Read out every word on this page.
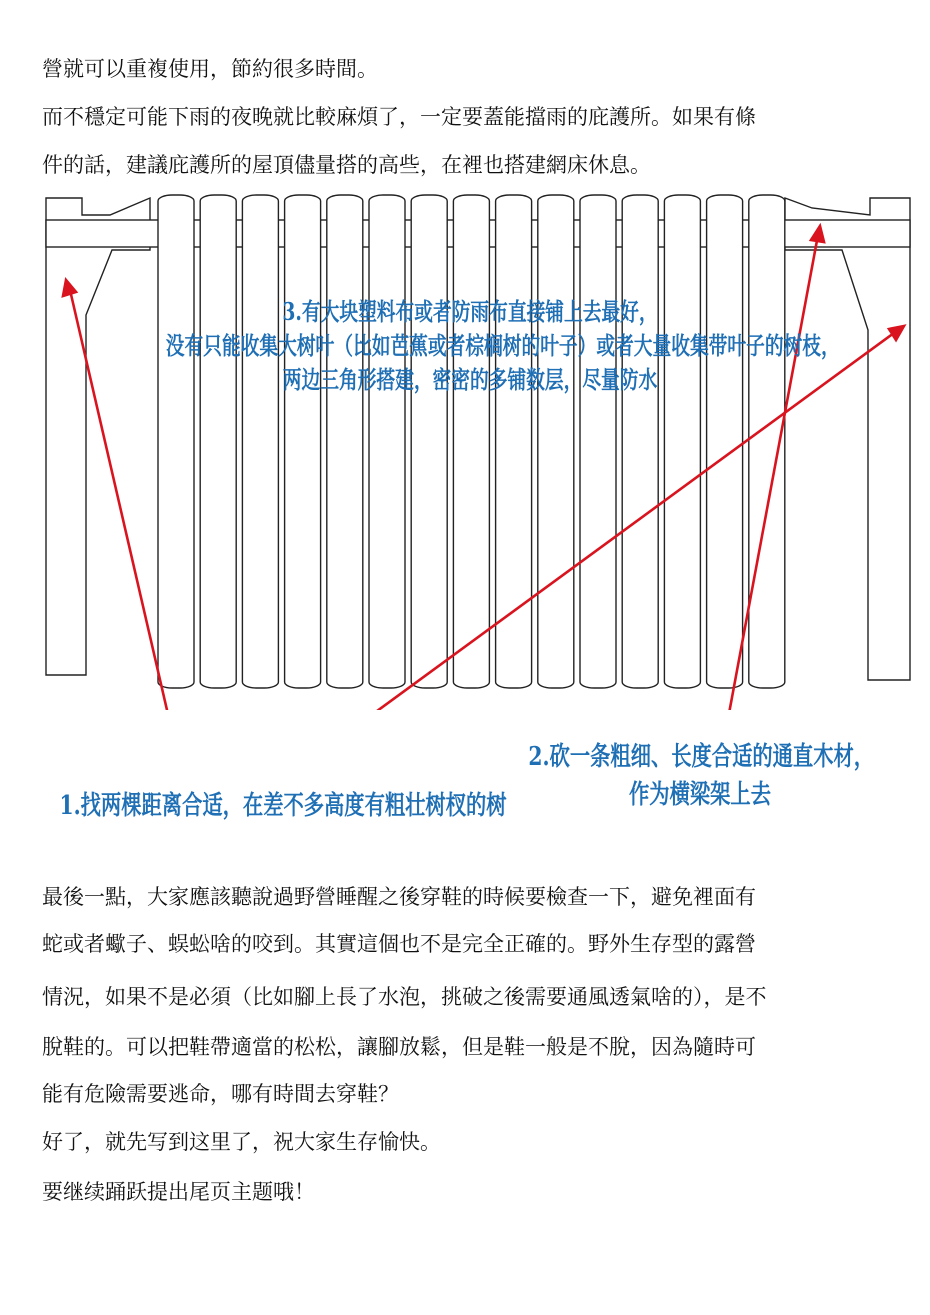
營就可以重複使用，節約很多時間。
而不穩定可能下雨的夜晚就比較麻煩了，一定要蓋能擋雨的庇護所。如果有條
件的話，建議庇護所的屋頂儘量搭的高些，在裡也搭建網床休息。
3.有大块塑料布或者防雨布直接铺上去最好，
没有只能收集大树叶（比如芭蕉或者棕榈树的叶子）或者大量收集带叶子的树枝，
两边三角形搭建，密密的多铺数层，尽量防水
1.找两棵距离合适，在差不多高度有粗壮树杈的树
2.砍一条粗细、长度合适的通直木材，
作为横梁架上去
最後一點，大家應該聽說過野營睡醒之後穿鞋的時候要檢查一下，避免裡面有
蛇或者蠍子、蜈蚣啥的咬到。其實這個也不是完全正確的。野外生存型的露營
情況，如果不是必須（比如腳上長了水泡，挑破之後需要通風透氣啥的），是不
脫鞋的。可以把鞋帶適當的松松，讓腳放鬆，但是鞋一般是不脫，因為隨時可
能有危險需要逃命，哪有時間去穿鞋？
好了，就先写到这里了，祝大家生存愉快。
要继续踊跃提出尾页主题哦！
